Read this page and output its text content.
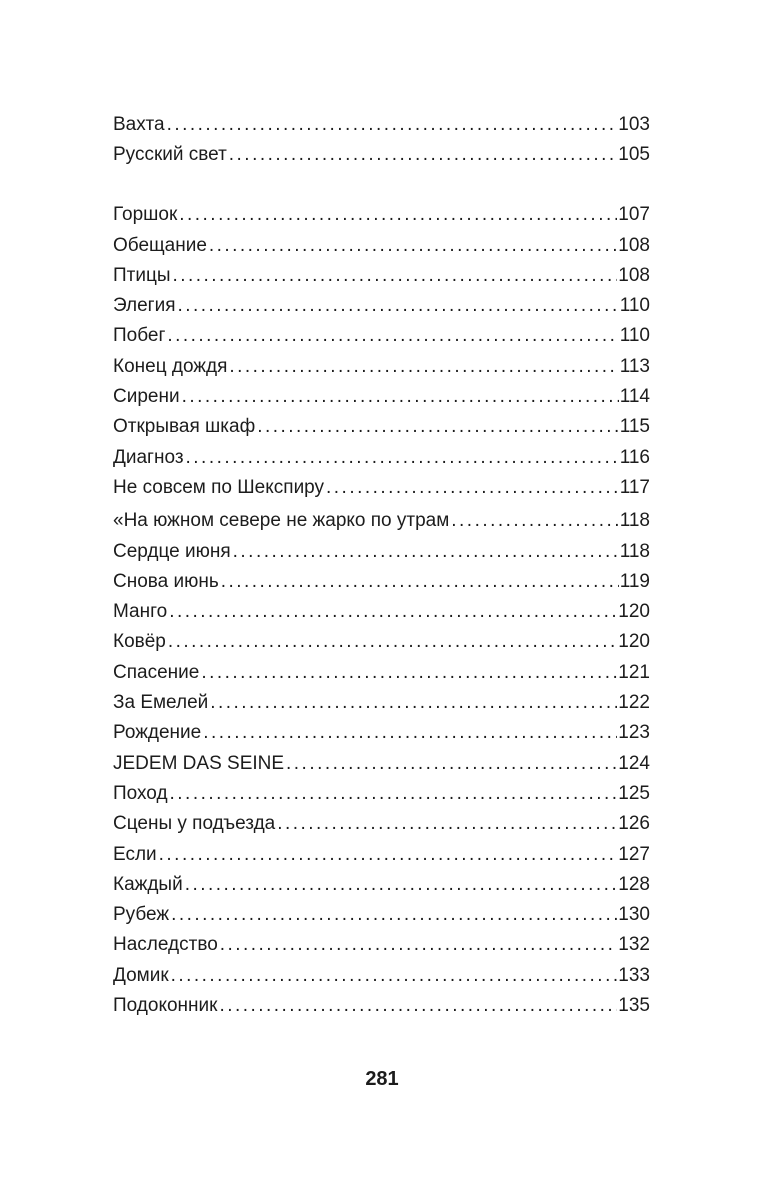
Вахта . . .	103
Русский свет . . .	105
Горшок . . .	107
Обещание . . .	108
Птицы . . .	108
Элегия . . .	110
Побег . . .	110
Конец дождя . . .	113
Сирени . . .	114
Открывая шкаф . . .	115
Диагноз . . .	116
Не совсем по Шекспиру . . .	117
«На южном севере не жарко по утрам . . .	118
Сердце июня . . .	118
Снова июнь . . .	119
Манго . . .	120
Ковёр . . .	120
Спасение . . .	121
За Емелей . . .	122
Рождение . . .	123
JEDEM DAS SEINE . . .	124
Поход . . .	125
Сцены у подъезда . . .	126
Если . . .	127
Каждый . . .	128
Рубеж . . .	130
Наследство . . .	132
Домик . . .	133
Подоконник . . .	135
281
